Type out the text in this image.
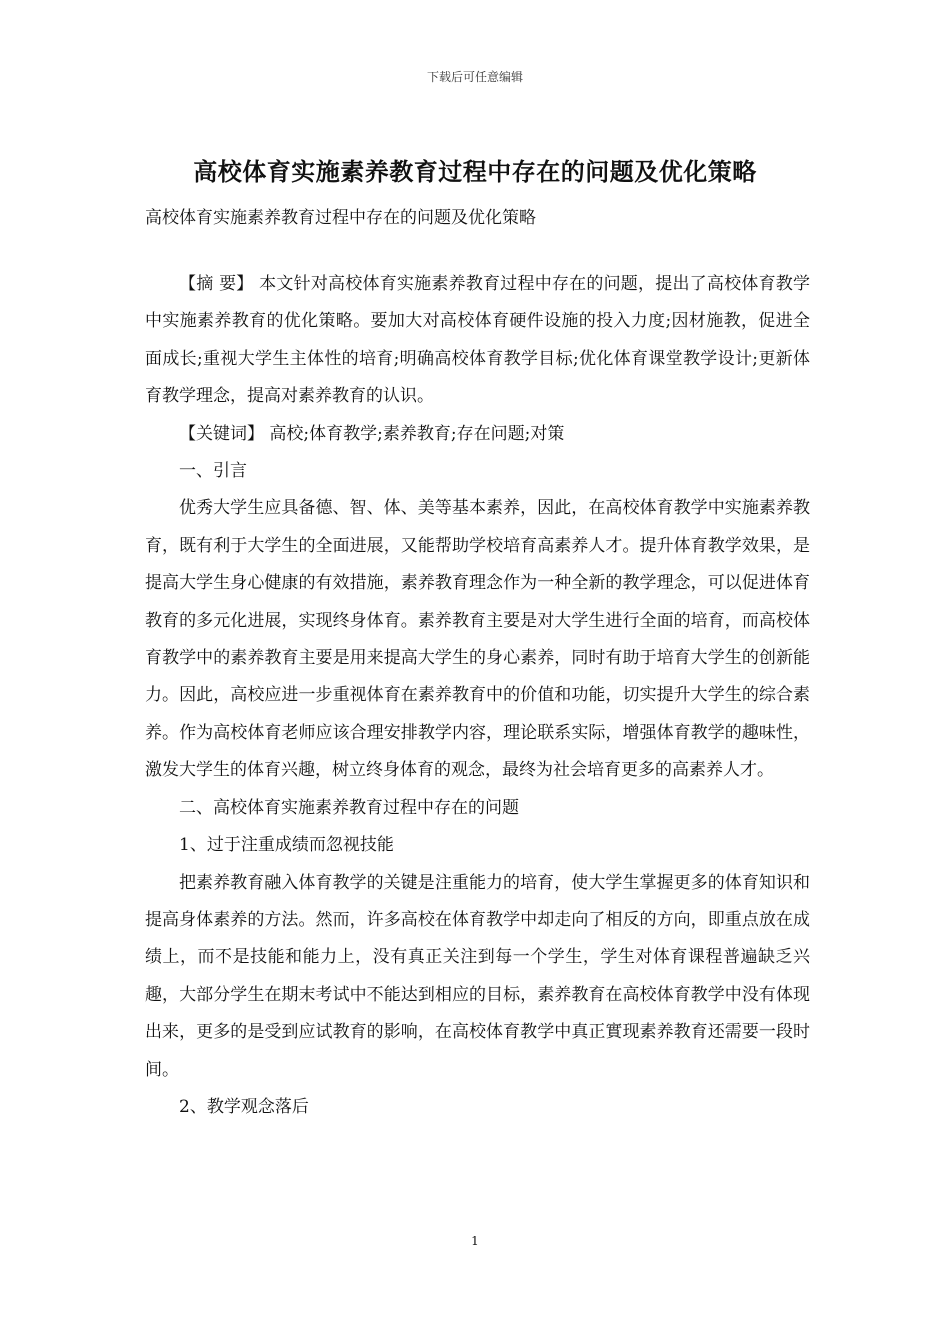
下载后可任意编辑
高校体育实施素养教育过程中存在的问题及优化策略
高校体育实施素养教育过程中存在的问题及优化策略

【摘 要】 本文针对高校体育实施素养教育过程中存在的问题，提出了高校体育教学中实施素养教育的优化策略。要加大对高校体育硬件设施的投入力度;因材施教，促进全面成长;重视大学生主体性的培育;明确高校体育教学目标;优化体育课堂教学设计;更新体育教学理念，提高对素养教育的认识。

【关键词】 高校;体育教学;素养教育;存在问题;对策

一、引言

优秀大学生应具备德、智、体、美等基本素养，因此，在高校体育教学中实施素养教育，既有利于大学生的全面进展，又能帮助学校培育高素养人才。提升体育教学效果，是提高大学生身心健康的有效措施，素养教育理念作为一种全新的教学理念，可以促进体育教育的多元化进展，实现终身体育。素养教育主要是对大学生进行全面的培育，而高校体育教学中的素养教育主要是用来提高大学生的身心素养，同时有助于培育大学生的创新能力。因此，高校应进一步重视体育在素养教育中的价值和功能，切实提升大学生的综合素养。作为高校体育老师应该合理安排教学内容，理论联系实际，增强体育教学的趣味性，激发大学生的体育兴趣，树立终身体育的观念，最终为社会培育更多的高素养人才。

二、高校体育实施素养教育过程中存在的问题

1、过于注重成绩而忽视技能

把素养教育融入体育教学的关键是注重能力的培育，使大学生掌握更多的体育知识和提高身体素养的方法。然而，许多高校在体育教学中却走向了相反的方向，即重点放在成绩上，而不是技能和能力上，没有真正关注到每一个学生，学生对体育课程普遍缺乏兴趣，大部分学生在期末考试中不能达到相应的目标，素养教育在高校体育教学中没有体现出来，更多的是受到应试教育的影响，在高校体育教学中真正實现素养教育还需要一段时间。

2、教学观念落后

1
